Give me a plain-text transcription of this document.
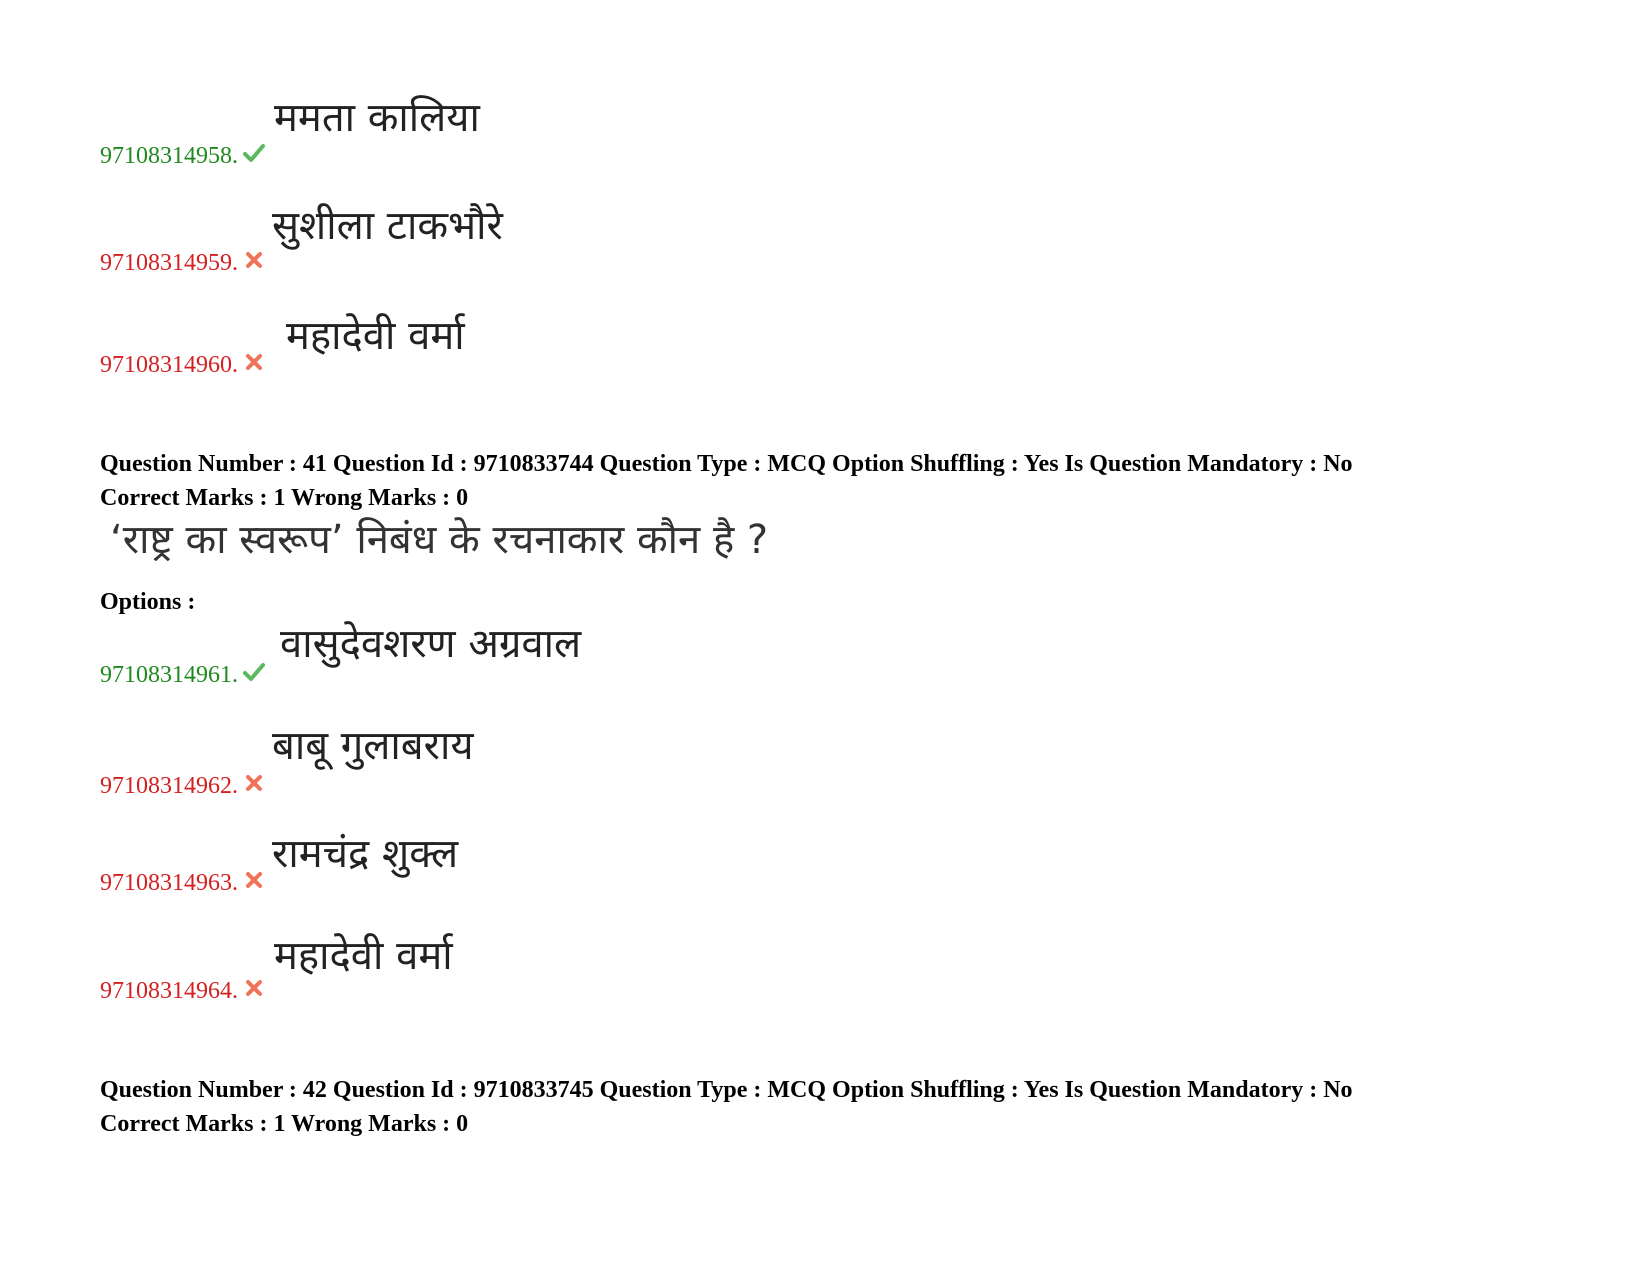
97108314958.
ममता कालिया
97108314959.
सुशीला टाकभौरे
97108314960.
महादेवी वर्मा
Question Number : 41 Question Id : 9710833744 Question Type : MCQ Option Shuffling : Yes Is Question Mandatory : No
Correct Marks : 1 Wrong Marks : 0
‘राष्ट्र का स्वरूप’ निबंध के रचनाकार कौन है ?
Options :
97108314961.
वासुदेवशरण अग्रवाल
97108314962.
बाबू गुलाबराय
97108314963.
रामचंद्र शुक्ल
97108314964.
महादेवी वर्मा
Question Number : 42 Question Id : 9710833745 Question Type : MCQ Option Shuffling : Yes Is Question Mandatory : No
Correct Marks : 1 Wrong Marks : 0
